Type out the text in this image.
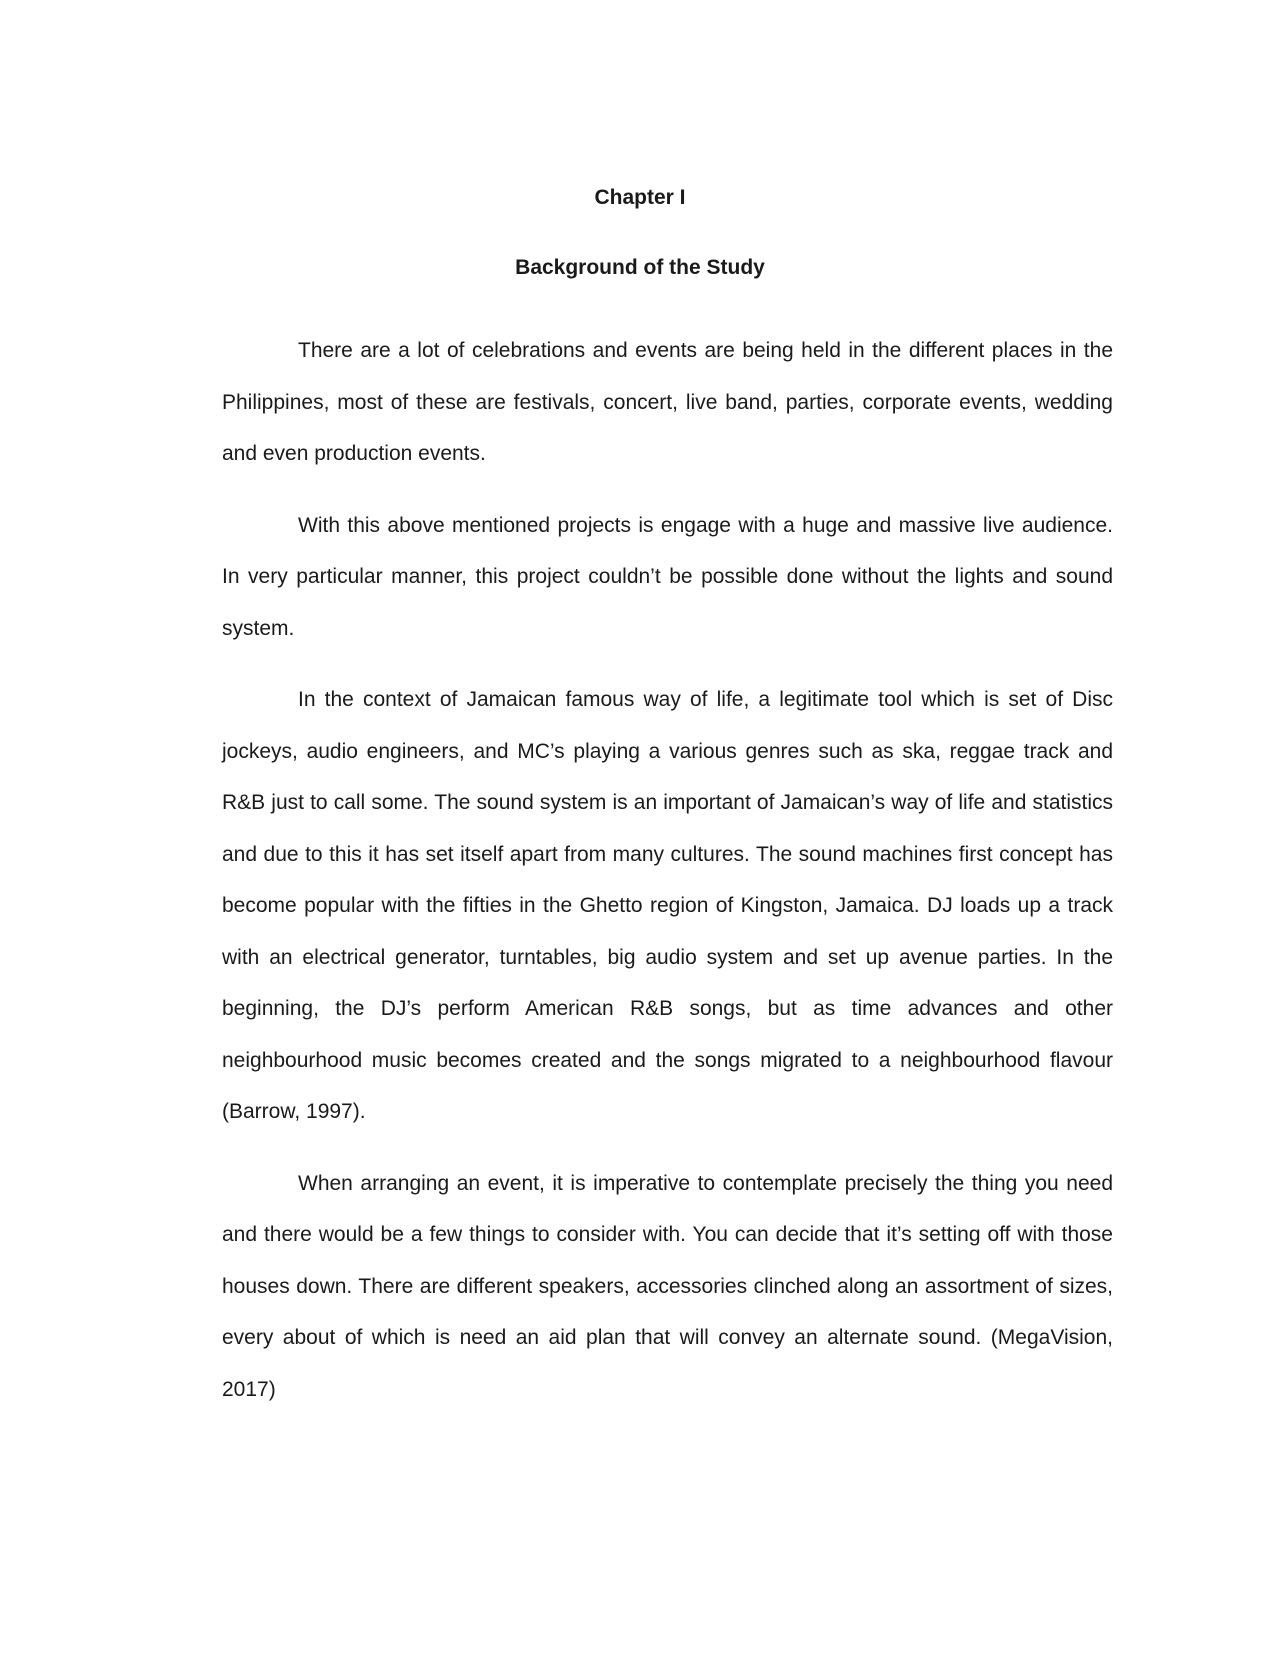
Chapter I
Background of the Study

There are a lot of celebrations and events are being held in the different places in the Philippines, most of these are festivals, concert, live band, parties, corporate events, wedding and even production events.

With this above mentioned projects is engage with a huge and massive live audience. In very particular manner, this project couldn’t be possible done without the lights and sound system.

In the context of Jamaican famous way of life, a legitimate tool which is set of Disc jockeys, audio engineers, and MC’s playing a various genres such as ska, reggae track and R&B just to call some. The sound system is an important of Jamaican’s way of life and statistics and due to this it has set itself apart from many cultures. The sound machines first concept has become popular with the fifties in the Ghetto region of Kingston, Jamaica. DJ loads up a track with an electrical generator, turntables, big audio system and set up avenue parties. In the beginning, the DJ’s perform American R&B songs, but as time advances and other neighbourhood music becomes created and the songs migrated to a neighbourhood flavour (Barrow, 1997).

When arranging an event, it is imperative to contemplate precisely the thing you need and there would be a few things to consider with. You can decide that it’s setting off with those houses down. There are different speakers, accessories clinched along an assortment of sizes, every about of which is need an aid plan that will convey an alternate sound. (MegaVision, 2017)
